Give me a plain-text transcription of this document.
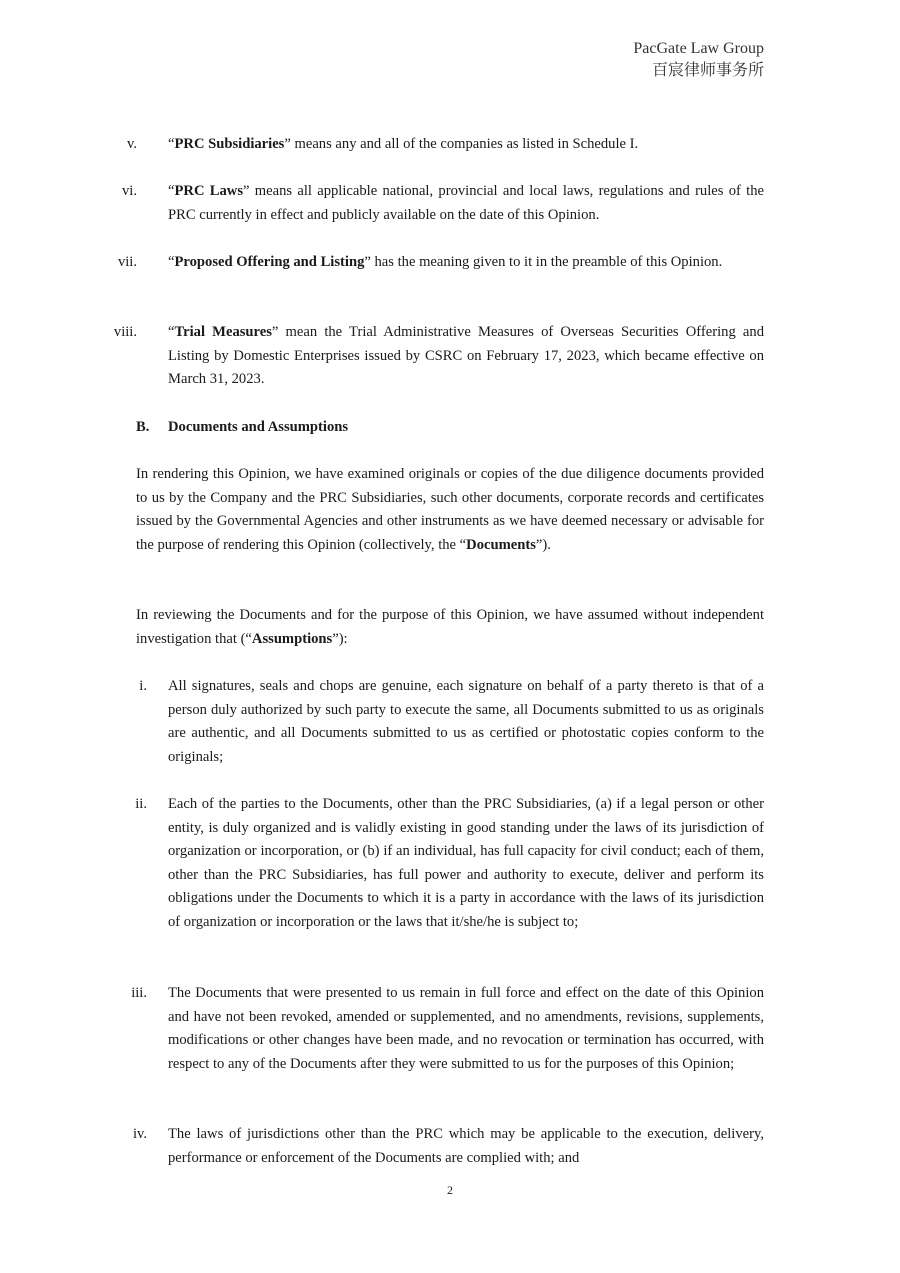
PacGate Law Group
百宸律师事务所
v. “PRC Subsidiaries” means any and all of the companies as listed in Schedule I.
vi. “PRC Laws” means all applicable national, provincial and local laws, regulations and rules of the PRC currently in effect and publicly available on the date of this Opinion.
vii. “Proposed Offering and Listing” has the meaning given to it in the preamble of this Opinion.
viii. “Trial Measures” mean the Trial Administrative Measures of Overseas Securities Offering and Listing by Domestic Enterprises issued by CSRC on February 17, 2023, which became effective on March 31, 2023.
B. Documents and Assumptions
In rendering this Opinion, we have examined originals or copies of the due diligence documents provided to us by the Company and the PRC Subsidiaries, such other documents, corporate records and certificates issued by the Governmental Agencies and other instruments as we have deemed necessary or advisable for the purpose of rendering this Opinion (collectively, the “Documents”).
In reviewing the Documents and for the purpose of this Opinion, we have assumed without independent investigation that (“Assumptions”):
i. All signatures, seals and chops are genuine, each signature on behalf of a party thereto is that of a person duly authorized by such party to execute the same, all Documents submitted to us as originals are authentic, and all Documents submitted to us as certified or photostatic copies conform to the originals;
ii. Each of the parties to the Documents, other than the PRC Subsidiaries, (a) if a legal person or other entity, is duly organized and is validly existing in good standing under the laws of its jurisdiction of organization or incorporation, or (b) if an individual, has full capacity for civil conduct; each of them, other than the PRC Subsidiaries, has full power and authority to execute, deliver and perform its obligations under the Documents to which it is a party in accordance with the laws of its jurisdiction of organization or incorporation or the laws that it/she/he is subject to;
iii. The Documents that were presented to us remain in full force and effect on the date of this Opinion and have not been revoked, amended or supplemented, and no amendments, revisions, supplements, modifications or other changes have been made, and no revocation or termination has occurred, with respect to any of the Documents after they were submitted to us for the purposes of this Opinion;
iv. The laws of jurisdictions other than the PRC which may be applicable to the execution, delivery, performance or enforcement of the Documents are complied with; and
2
